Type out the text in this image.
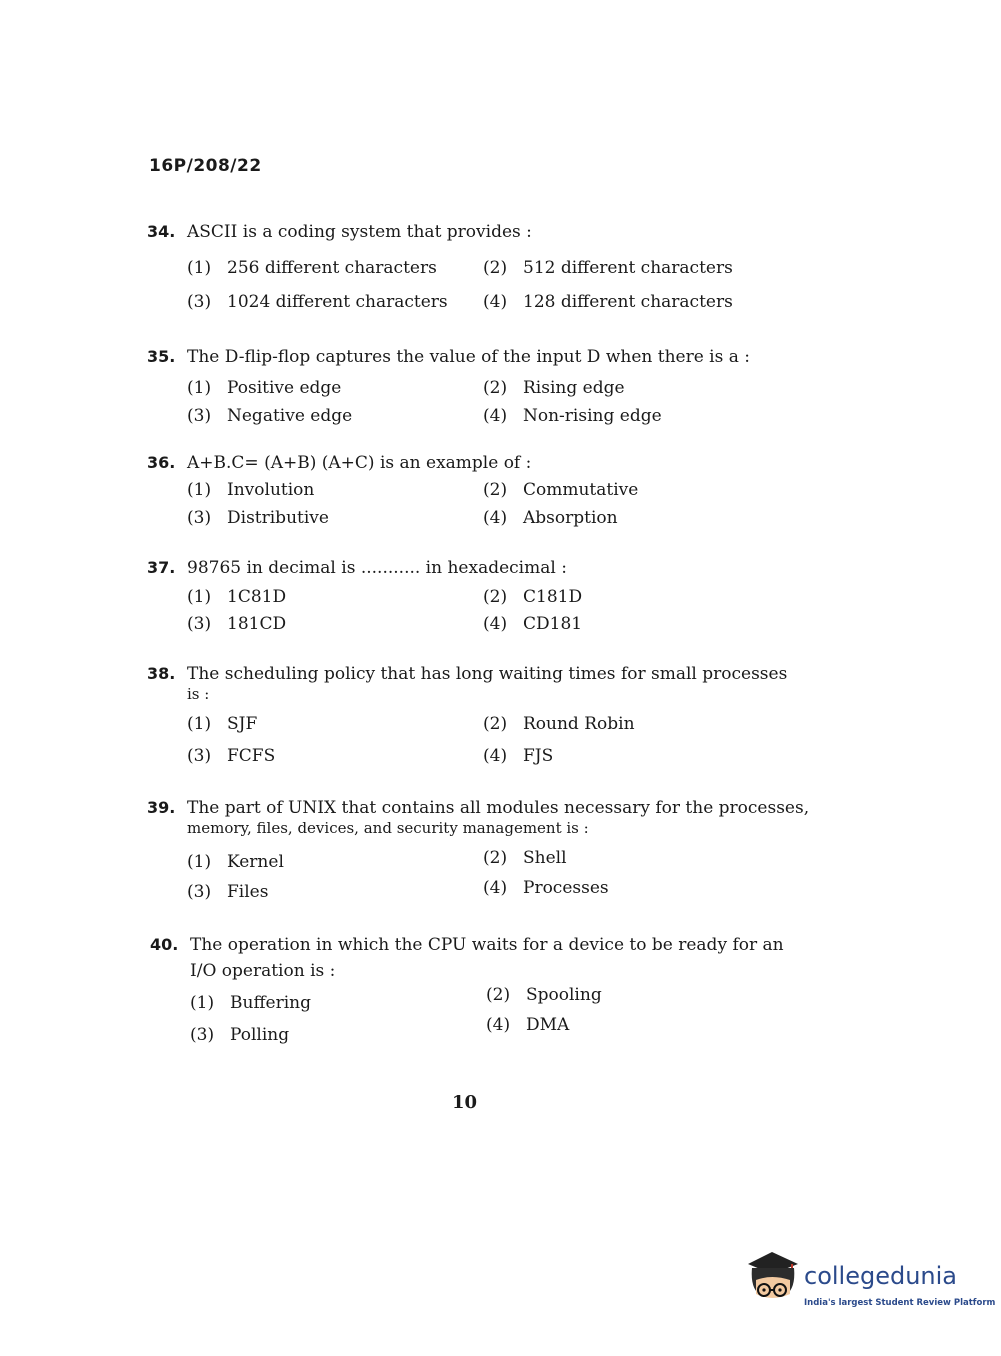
16P/208/22
34. ASCII is a coding system that provides :
(1) 256 different characters	(2) 512 different characters
(3) 1024 different characters (4) 128 different characters
35. The D-flip-flop captures the value of the input D when there is a :
(1) Positive edge	(2) Rising edge
(3) Negative edge	(4) Non-rising edge
36. A+B.C= (A+B) (A+C) is an example of :
(1) Involution	(2) Commutative
(3) Distributive	(4) Absorption
37. 98765 in decimal is ........... in hexadecimal :
(1) 1C81D	(2) C181D
(3) 181CD	(4) CD181
38. The scheduling policy that has long waiting times for small processes
is :
(1) SJF	(2) Round Robin
(3) FCFS	(4) FJS
39. The part of UNIX that contains all modules necessary for the processes,
memory, files, devices, and security management is :
(1) Kernel	(2) Shell
(3) Files	(4) Processes
40. The operation in which the CPU waits for a device to be ready for an
I/O operation is :
(1) Buffering	(2) Spooling
(3) Polling	(4) DMA
10
collegedunia
India's largest Student Review Platform
